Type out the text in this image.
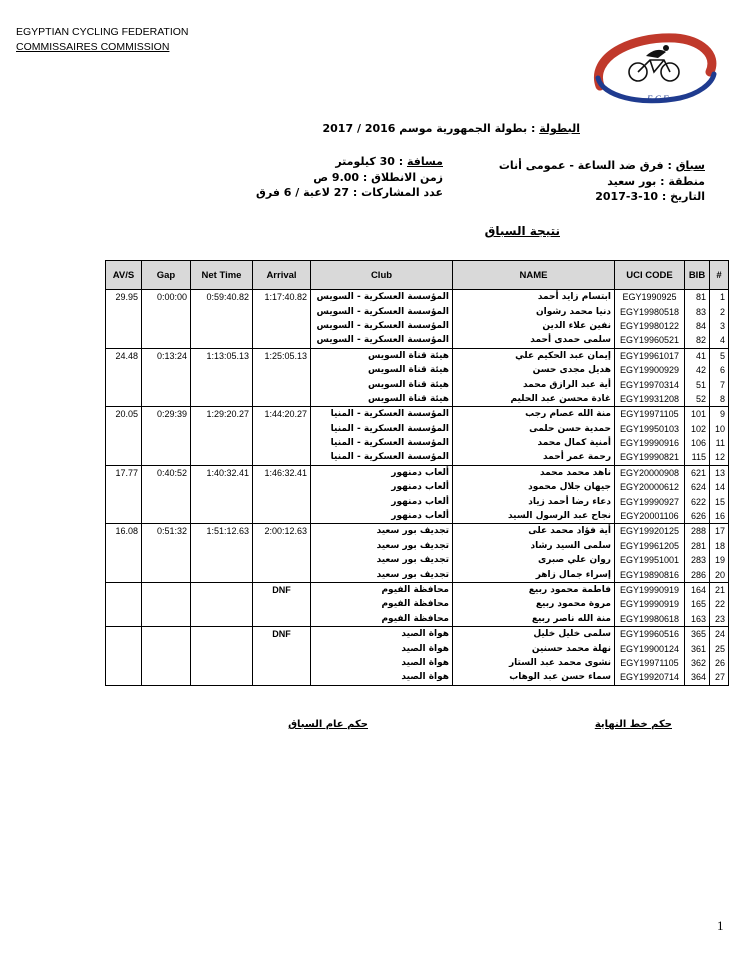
EGYPTIAN CYCLING FEDERATION
COMMISSAIRES COMMISSION
E.C.F
البطولة : بطولة الجمهورية موسم 2016 / 2017
سباق : فرق ضد الساعة - عمومى أنات
منطقة : بور سعيد
التاريخ : 10-3-2017
مسافة : 30 كيلومتر
زمن الانطلاق : 9.00 ص
عدد المشاركات : 27 لاعبة / 6 فرق
نتيجة السباق
AV/S	Gap	Net Time	Arrival	Club	NAME	UCI CODE	BIB	#
29.95	0:00:00	0:59:40.82	1:17:40.82	المؤسسة العسكرية - السويس	ابتسام زايد أحمد	EGY1990925	81	1
				المؤسسة العسكرية - السويس	دنيا محمد رشوان	EGY19980518	83	2
				المؤسسة العسكرية - السويس	نفين علاء الدين	EGY19980122	84	3
				المؤسسة العسكرية - السويس	سلمى حمدى أحمد	EGY19960521	82	4
24.48	0:13:24	1:13:05.13	1:25:05.13	هيئة قناة السويس	إيمان عبد الحكيم علي	EGY19961017	41	5
				هيئة قناة السويس	هديل مجدى حسن	EGY19900929	42	6
				هيئة قناة السويس	أية عبد الرازق محمد	EGY19970314	51	7
				هيئة قناة السويس	غادة محسن عبد الحليم	EGY19931208	52	8
20.05	0:29:39	1:29:20.27	1:44:20.27	المؤسسة العسكرية - المنيا	منة الله عصام رجب	EGY19971105	101	9
				المؤسسة العسكرية - المنيا	حمدية حسن حلمى	EGY19950103	102	10
				المؤسسة العسكرية - المنيا	أمنية كمال محمد	EGY19990916	106	11
				المؤسسة العسكرية - المنيا	رحمة عمر أحمد	EGY19990821	115	12
17.77	0:40:52	1:40:32.41	1:46:32.41	ألعاب دمنهور	ناهد محمد محمد	EGY20000908	621	13
				ألعاب دمنهور	جيهان جلال محمود	EGY20000612	624	14
				ألعاب دمنهور	دعاء رضا أحمد زياد	EGY19990927	622	15
				ألعاب دمنهور	نجاح عبد الرسول السيد	EGY20001106	626	16
16.08	0:51:32	1:51:12.63	2:00:12.63	تجديف بور سعيد	أية فؤاد محمد على	EGY19920125	288	17
				تجديف بور سعيد	سلمى السيد رشاد	EGY19961205	281	18
				تجديف بور سعيد	روان علي صبرى	EGY19951001	283	19
				تجديف بور سعيد	إسراء جمال زاهر	EGY19890816	286	20
			DNF	محافظة الفيوم	فاطمة محمود ربيع	EGY19990919	164	21
				محافظة الفيوم	مروة محمود ربيع	EGY19990919	165	22
				محافظة الفيوم	منة الله ناصر ربيع	EGY19980618	163	23
			DNF	هواة الصيد	سلمى خليل خليل	EGY19960516	365	24
				هواة الصيد	نهلة محمد حسنين	EGY19900124	361	25
				هواة الصيد	نشوى محمد عبد الستار	EGY19971105	362	26
				هواة الصيد	سماء حسن عبد الوهاب	EGY19920714	364	27
حكم خط النهاية
حكم عام السباق
1
